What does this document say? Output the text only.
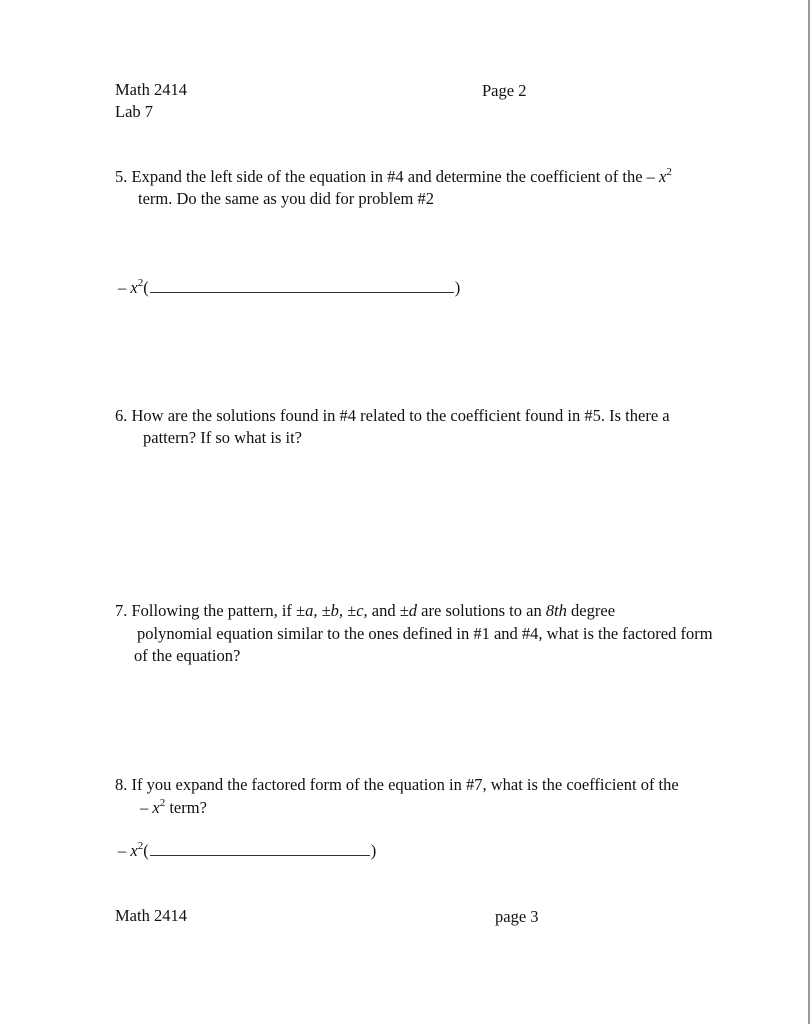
Math 2414	Page 2
Lab 7
5. Expand the left side of the equation in #4 and determine the coefficient of the – $x^2$
term. Do the same as you did for problem #2
– $x^2$(	)
6. How are the solutions found in #4 related to the coefficient found in #5. Is there a
pattern? If so what is it?
7. Following the pattern, if ±a, ±b, ±c, and ±d are solutions to an 8th degree
polynomial equation similar to the ones defined in #1 and #4, what is the factored form
of the equation?
8. If you expand the factored form of the equation in #7, what is the coefficient of the
– $x^2$ term?
– $x^2$(	)
Math 2414	page 3
